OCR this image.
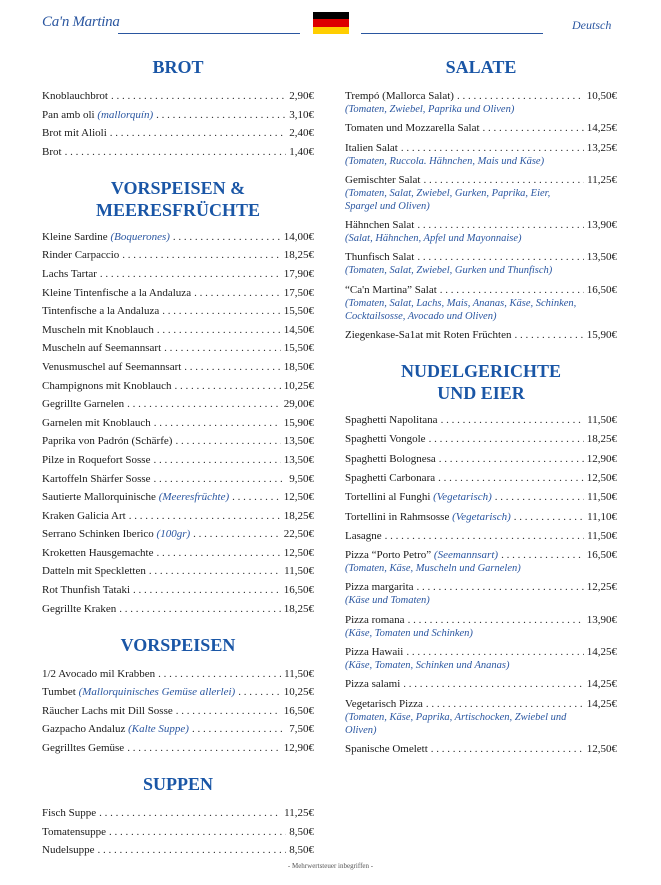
Ca'n Martina	Deutsch
BROT
Knoblauchbrot . . .	2,90€
Pan amb oli (mallorquín) . . .	3,10€
Brot mit Alioli . . .	2,40€
Brot . . .	1,40€
VORSPEISEN &
MEERESFRÜCHTE
Kleine Sardine (Boquerones) . . .	14,00€
Rinder Carpaccio . . .	18,25€
Lachs Tartar . . .	17,90€
Kleine Tintenfische a la Andaluza . . .	17,50€
Tintenfische a la Andaluza . . .	15,50€
Muscheln mit Knoblauch . . .	14,50€
Muscheln auf Seemannsart . . .	15,50€
Venusmuschel auf Seemannsart . . .	18,50€
Champignons mit Knoblauch . . .	10,25€
Gegrillte Garnelen . . .	29,00€
Garnelen mit Knoblauch . . .	15,90€
Paprika von Padrón (Schärfe) . . .	13,50€
Pilze in Roquefort Sosse . . .	13,50€
Kartoffeln Shärfer Sosse . . .	9,50€
Sautierte Mallorquinische (Meeresfrüchte) . . .	12,50€
Kraken Galicia Art . . .	18,25€
Serrano Schinken Iberico (100gr) . . .	22,50€
Kroketten Hausgemachte . . .	12,50€
Datteln mit Speckletten . . .	11,50€
Rot Thunfish Tataki . . .	16,50€
Gegrillte Kraken . . .	18,25€
VORSPEISEN
1/2 Avocado mil Krabben . . .	11,50€
Tumbet (Mallorquinisches Gemüse allerlei) . . .	10,25€
Räucher Lachs mit Dill Sosse . . .	16,50€
Gazpacho Andaluz (Kalte Suppe) . . .	7,50€
Gegrilltes Gemüse . . .	12,90€
SUPPEN
Fisch Suppe . . .	11,25€
Tomatensuppe . . .	8,50€
Nudelsuppe . . .	8,50€
SALATE
Trempó (Mallorca Salat) . . .	10,50€
(Tomaten, Zwiebel, Paprika und Oliven)
Tomaten und Mozzarella Salat . . .	14,25€
Italien Salat . . .	13,25€
(Tomaten, Ruccola. Hähnchen, Mais und Käse)
Gemischter Salat . . .	11,25€
(Tomaten, Salat, Zwiebel, Gurken, Paprika, Eier, Spargel und Oliven)
Hähnchen Salat . . .	13,90€
(Salat, Hähnchen, Apfel und Mayonnaise)
Thunfisch Salat . . .	13,50€
(Tomaten, Salat, Zwiebel, Gurken und Thunfisch)
“Ca'n Martina” Salat . . .	16,50€
(Tomaten, Salat, Lachs, Mais, Ananas, Käse, Schinken, Cocktailsosse, Avocado und Oliven)
Ziegenkase-Sa1at mit Roten Früchten . . .	15,90€
NUDELGERICHTE
UND EIER
Spaghetti Napolitana . . .	11,50€
Spaghetti Vongole . . .	18,25€
Spaghetti Bolognesa . . .	12,90€
Spaghetti Carbonara . . .	12,50€
Tortellini al Funghi (Vegetarisch) . . .	11,50€
Tortellini in Rahmsosse (Vegetarisch) . . .	11,10€
Lasagne . . .	11,50€
Pizza “Porto Petro” (Seemannsart) . . .	16,50€
(Tomaten, Käse, Muscheln und Garnelen)
Pizza margarita . . .	12,25€
(Käse und Tomaten)
Pizza romana . . .	13,90€
(Käse, Tomaten und Schinken)
Pizza Hawaii . . .	14,25€
(Käse, Tomaten, Schinken und Ananas)
Pizza salami . . .	14,25€
Vegetarisch Pizza . . .	14,25€
(Tomaten, Käse, Paprika, Artischocken, Zwiebel und Oliven)
Spanische Omelett . . .	12,50€
- Mehrwertsteuer inbegriffen -
